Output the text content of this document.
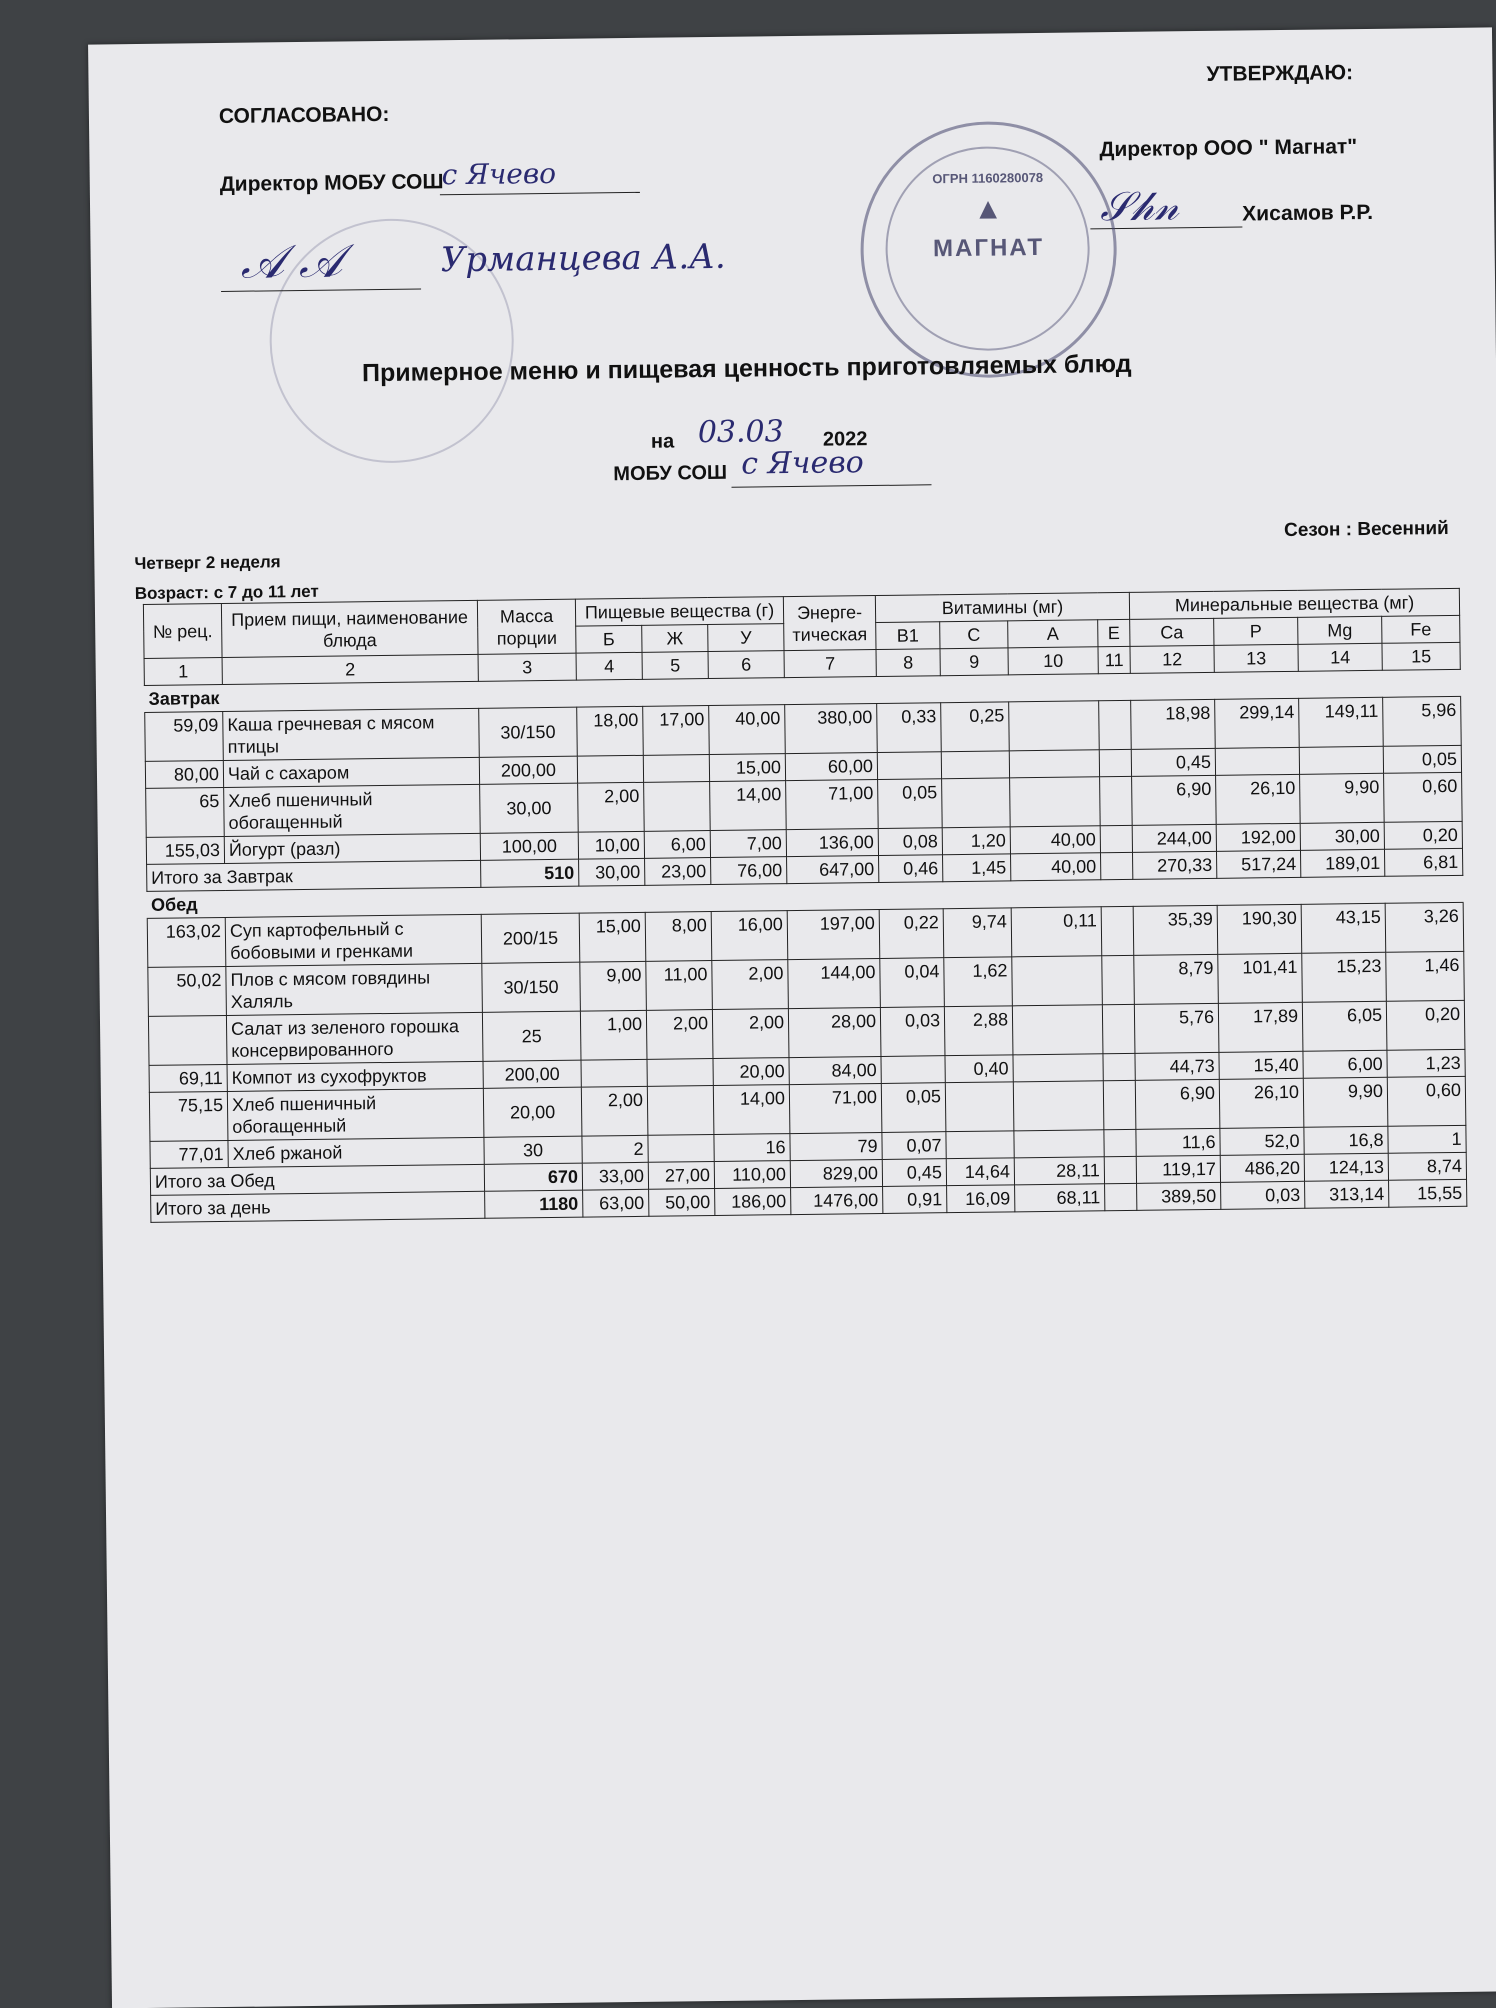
СОГЛАСОВАНО:
УТВЕРЖДАЮ:
Директор МОБУ СОШ
с Ячево
𝒜 𝒜	Урманцева А.А.
Директор ООО " Магнат"
Хисамов Р.Р.
𝒮𝒽𝓃
ОГРН 1160280078
▲
МАГНАТ
Примерное меню и пищевая ценность приготовляемых блюд
на 03.03 2022
МОБУ СОШ с Ячево
Четверг 2 неделя
Возраст: с 7 до 11 лет
Сезон : Весенний
№ рец.	Прием пищи, наименование блюда	Масса порции	Пищевые вещества (г)			Энерге-тическая	Витамины (мг)				Минеральные вещества (мг)			
			Б	Ж	У		В1	С	А	Е	Ca	P	Mg	Fe
1	2	3	4	5	6	7	8	9	10	11	12	13	14	15
Завтрак														
59,09	Каша гречневая с мясом птицы	30/150	18,00	17,00	40,00	380,00	0,33	0,25			18,98	299,14	149,11	5,96
80,00	Чай с сахаром	200,00			15,00	60,00					0,45			0,05
65	Хлеб пшеничный обогащенный	30,00	2,00		14,00	71,00	0,05				6,90	26,10	9,90	0,60
155,03	Йогурт (разл)	100,00	10,00	6,00	7,00	136,00	0,08	1,20	40,00		244,00	192,00	30,00	0,20
Итого за Завтрак		510	30,00	23,00	76,00	647,00	0,46	1,45	40,00		270,33	517,24	189,01	6,81
Обед														
163,02	Суп картофельный с бобовыми и гренками	200/15	15,00	8,00	16,00	197,00	0,22	9,74	0,11		35,39	190,30	43,15	3,26
50,02	Плов с мясом говядины Халяль	30/150	9,00	11,00	2,00	144,00	0,04	1,62			8,79	101,41	15,23	1,46
	Салат из зеленого горошка консервированного	25	1,00	2,00	2,00	28,00	0,03	2,88			5,76	17,89	6,05	0,20
69,11	Компот из сухофруктов	200,00			20,00	84,00		0,40			44,73	15,40	6,00	1,23
75,15	Хлеб пшеничный обогащенный	20,00	2,00		14,00	71,00	0,05				6,90	26,10	9,90	0,60
77,01	Хлеб ржаной	30	2		16	79	0,07				11,6	52,0	16,8	1
Итого за Обед		670	33,00	27,00	110,00	829,00	0,45	14,64	28,11		119,17	486,20	124,13	8,74
Итого за день		1180	63,00	50,00	186,00	1476,00	0,91	16,09	68,11		389,50	0,03	313,14	15,55
